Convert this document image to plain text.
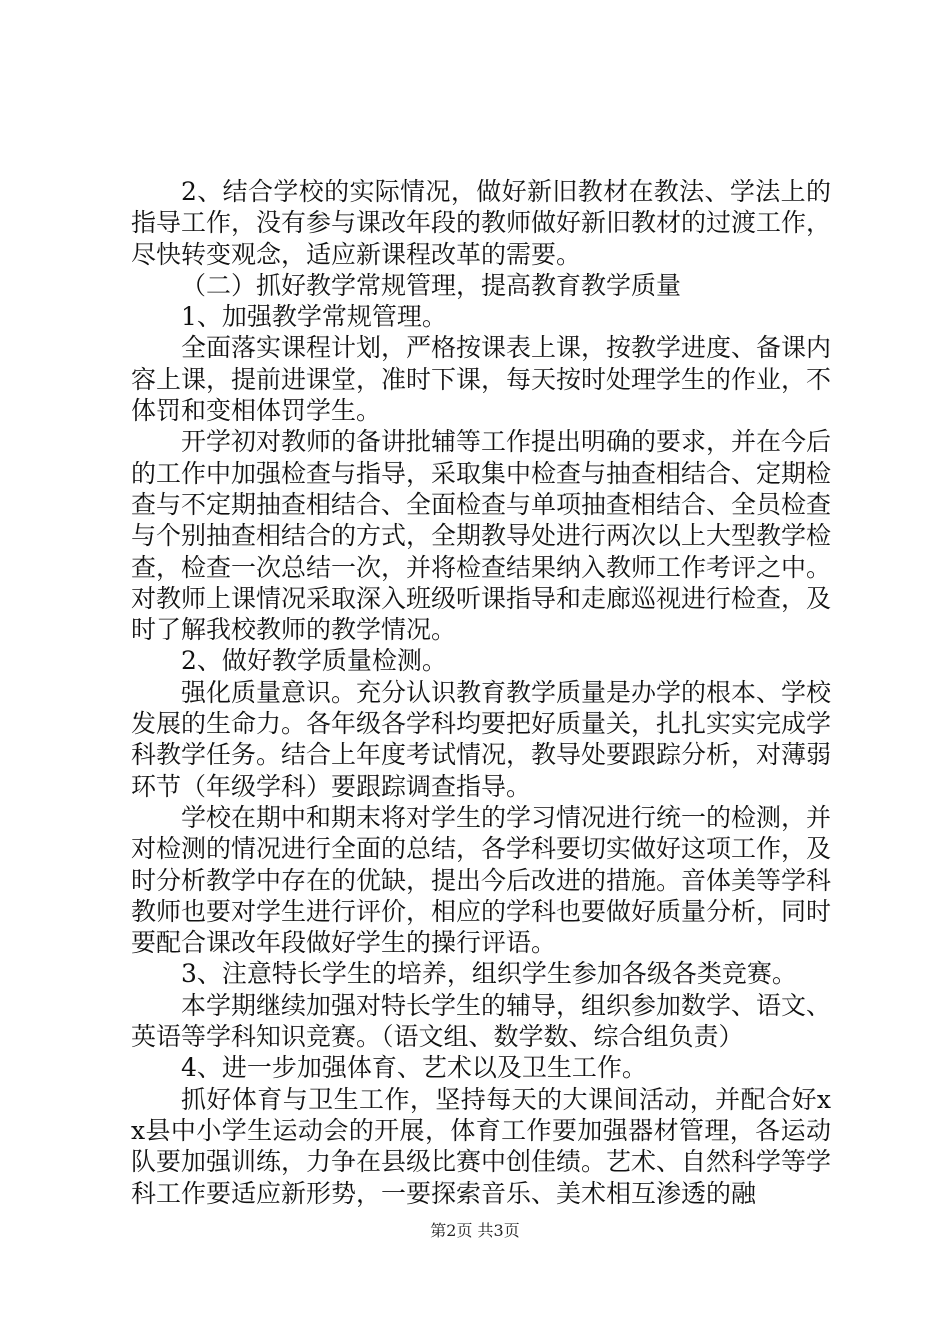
2、结合学校的实际情况，做好新旧教材在教法、学法上的指导工作，没有参与课改年段的教师做好新旧教材的过渡工作，尽快转变观念，适应新课程改革的需要。

（二）抓好教学常规管理，提高教育教学质量

1、加强教学常规管理。

全面落实课程计划，严格按课表上课，按教学进度、备课内容上课，提前进课堂，准时下课，每天按时处理学生的作业，不体罚和变相体罚学生。

开学初对教师的备讲批辅等工作提出明确的要求，并在今后的工作中加强检查与指导，采取集中检查与抽查相结合、定期检查与不定期抽查相结合、全面检查与单项抽查相结合、全员检查与个别抽查相结合的方式，全期教导处进行两次以上大型教学检查，检查一次总结一次，并将检查结果纳入教师工作考评之中。对教师上课情况采取深入班级听课指导和走廊巡视进行检查，及时了解我校教师的教学情况。

2、做好教学质量检测。

强化质量意识。充分认识教育教学质量是办学的根本、学校发展的生命力。各年级各学科均要把好质量关，扎扎实实完成学科教学任务。结合上年度考试情况，教导处要跟踪分析，对薄弱环节（年级学科）要跟踪调查指导。

学校在期中和期末将对学生的学习情况进行统一的检测，并对检测的情况进行全面的总结，各学科要切实做好这项工作，及时分析教学中存在的优缺，提出今后改进的措施。音体美等学科教师也要对学生进行评价，相应的学科也要做好质量分析，同时要配合课改年段做好学生的操行评语。

3、注意特长学生的培养，组织学生参加各级各类竞赛。

本学期继续加强对特长学生的辅导，组织参加数学、语文、英语等学科知识竞赛。（语文组、数学数、综合组负责）

4、进一步加强体育、艺术以及卫生工作。

抓好体育与卫生工作，坚持每天的大课间活动，并配合好xx县中小学生运动会的开展，体育工作要加强器材管理，各运动队要加强训练，力争在县级比赛中创佳绩。艺术、自然科学等学科工作要适应新形势，一要探索音乐、美术相互渗透的融

第2页 共3页
